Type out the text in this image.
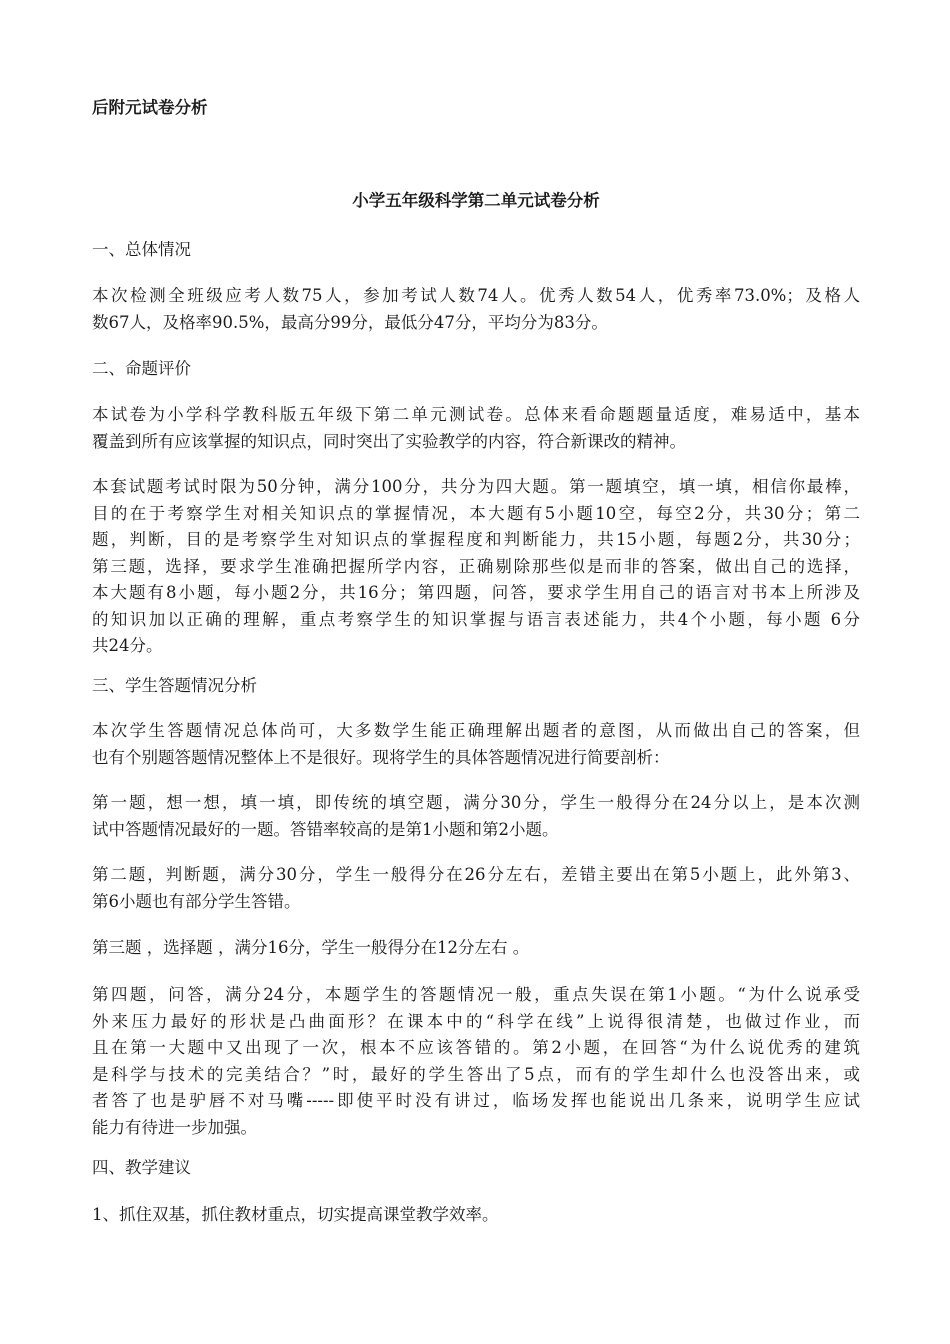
后附元试卷分析
小学五年级科学第二单元试卷分析
一、总体情况
本次检测全班级应考人数75人，参加考试人数74人。优秀人数54人，优秀率73.0%；及格人
数67人，及格率90.5%，最高分99分，最低分47分，平均分为83分。
二、命题评价
本试卷为小学科学教科版五年级下第二单元测试卷。总体来看命题题量适度，难易适中，基本
覆盖到所有应该掌握的知识点，同时突出了实验教学的内容，符合新课改的精神。
本套试题考试时限为50分钟，满分100分，共分为四大题。第一题填空，填一填，相信你最棒，
目的在于考察学生对相关知识点的掌握情况，本大题有5小题10空，每空2分，共30分；第二
题，判断，目的是考察学生对知识点的掌握程度和判断能力，共15小题，每题2分，共30分；
第三题，选择，要求学生准确把握所学内容，正确剔除那些似是而非的答案，做出自己的选择，
本大题有8小题，每小题2分，共16分；第四题，问答，要求学生用自己的语言对书本上所涉及
的知识加以正确的理解，重点考察学生的知识掌握与语言表述能力，共4个小题，每小题 6分
共24分。
三、学生答题情况分析
本次学生答题情况总体尚可，大多数学生能正确理解出题者的意图，从而做出自己的答案，但
也有个别题答题情况整体上不是很好。现将学生的具体答题情况进行简要剖析：
第一题，想一想，填一填，即传统的填空题，满分30分，学生一般得分在24分以上，是本次测
试中答题情况最好的一题。答错率较高的是第1小题和第2小题。
第二题，判断题，满分30分，学生一般得分在26分左右，差错主要出在第5小题上，此外第3、
第6小题也有部分学生答错。
第三题 ，选择题 ，满分16分，学生一般得分在12分左右 。
第四题，问答，满分24分，本题学生的答题情况一般，重点失误在第1小题。“为什么说承受
外来压力最好的形状是凸曲面形？在课本中的“科学在线”上说得很清楚，也做过作业，而
且在第一大题中又出现了一次，根本不应该答错的。第2小题，在回答“为什么说优秀的建筑
是科学与技术的完美结合？”时，最好的学生答出了5点，而有的学生却什么也没答出来，或
者答了也是驴唇不对马嘴-----即使平时没有讲过，临场发挥也能说出几条来，说明学生应试
能力有待进一步加强。
四、教学建议
1、抓住双基，抓住教材重点，切实提高课堂教学效率。
